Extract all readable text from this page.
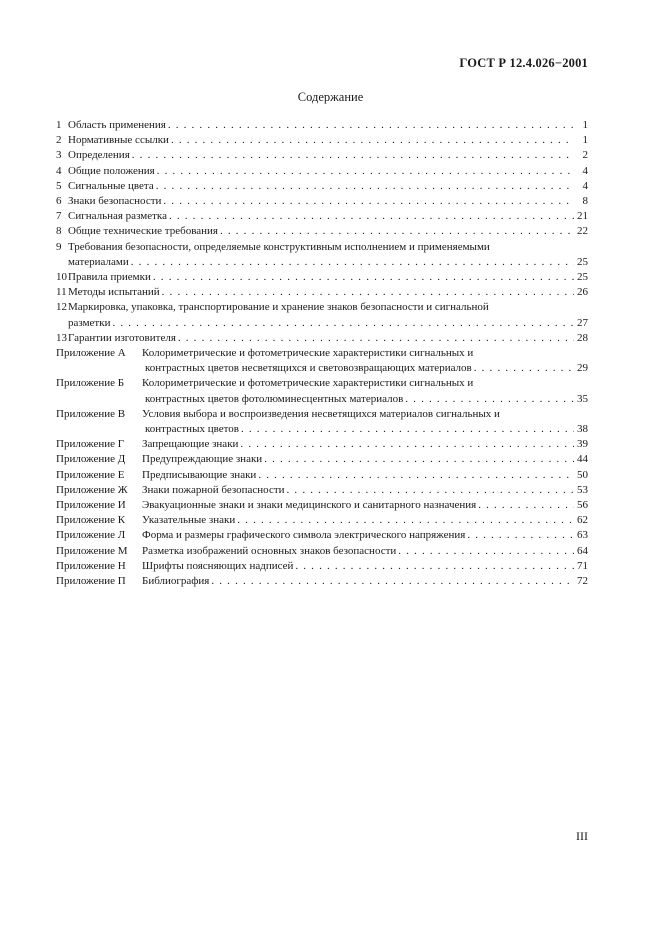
ГОСТ Р 12.4.026−2001
Содержание
1 Область применения . . .	1
2 Нормативные ссылки . . .	1
3 Определения . . .	2
4 Общие положения . . .	4
5 Сигнальные цвета . . .	4
6 Знаки безопасности . . .	8
7 Сигнальная разметка . . .	21
8 Общие технические требования . . .	22
9 Требования безопасности, определяемые конструктивным исполнением и применяемыми
материалами . . .	25
10Правила приемки . . .	25
11Методы испытаний . . .	26
12Маркировка, упаковка, транспортирование и хранение знаков безопасности и сигнальной
разметки . . .	27
13Гарантии изготовителя . . .	28
Приложение А Колориметрические и фотометрические характеристики сигнальных и
контрастных цветов несветящихся и световозвращающих материалов . . .	29
Приложение Б Колориметрические и фотометрические характеристики сигнальных и
контрастных цветов фотолюминесцентных материалов . . .	35
Приложение В Условия выбора и воспроизведения несветящихся материалов сигнальных и
контрастных цветов . . .	38
Приложение Г Запрещающие знаки . . .	39
Приложение Д Предупреждающие знаки . . .	44
Приложение Е Предписывающие знаки . . .	50
Приложение Ж Знаки пожарной безопасности . . .	53
Приложение И Эвакуационные знаки и знаки медицинского и санитарного назначения . . .	56
Приложение К Указательные знаки . . .	62
Приложение Л Форма и размеры графического символа электрического напряжения . . .	63
Приложение М Разметка изображений основных знаков безопасности . . .	64
Приложение Н Шрифты поясняющих надписей . . .	71
Приложение П Библиография . . .	72
III
